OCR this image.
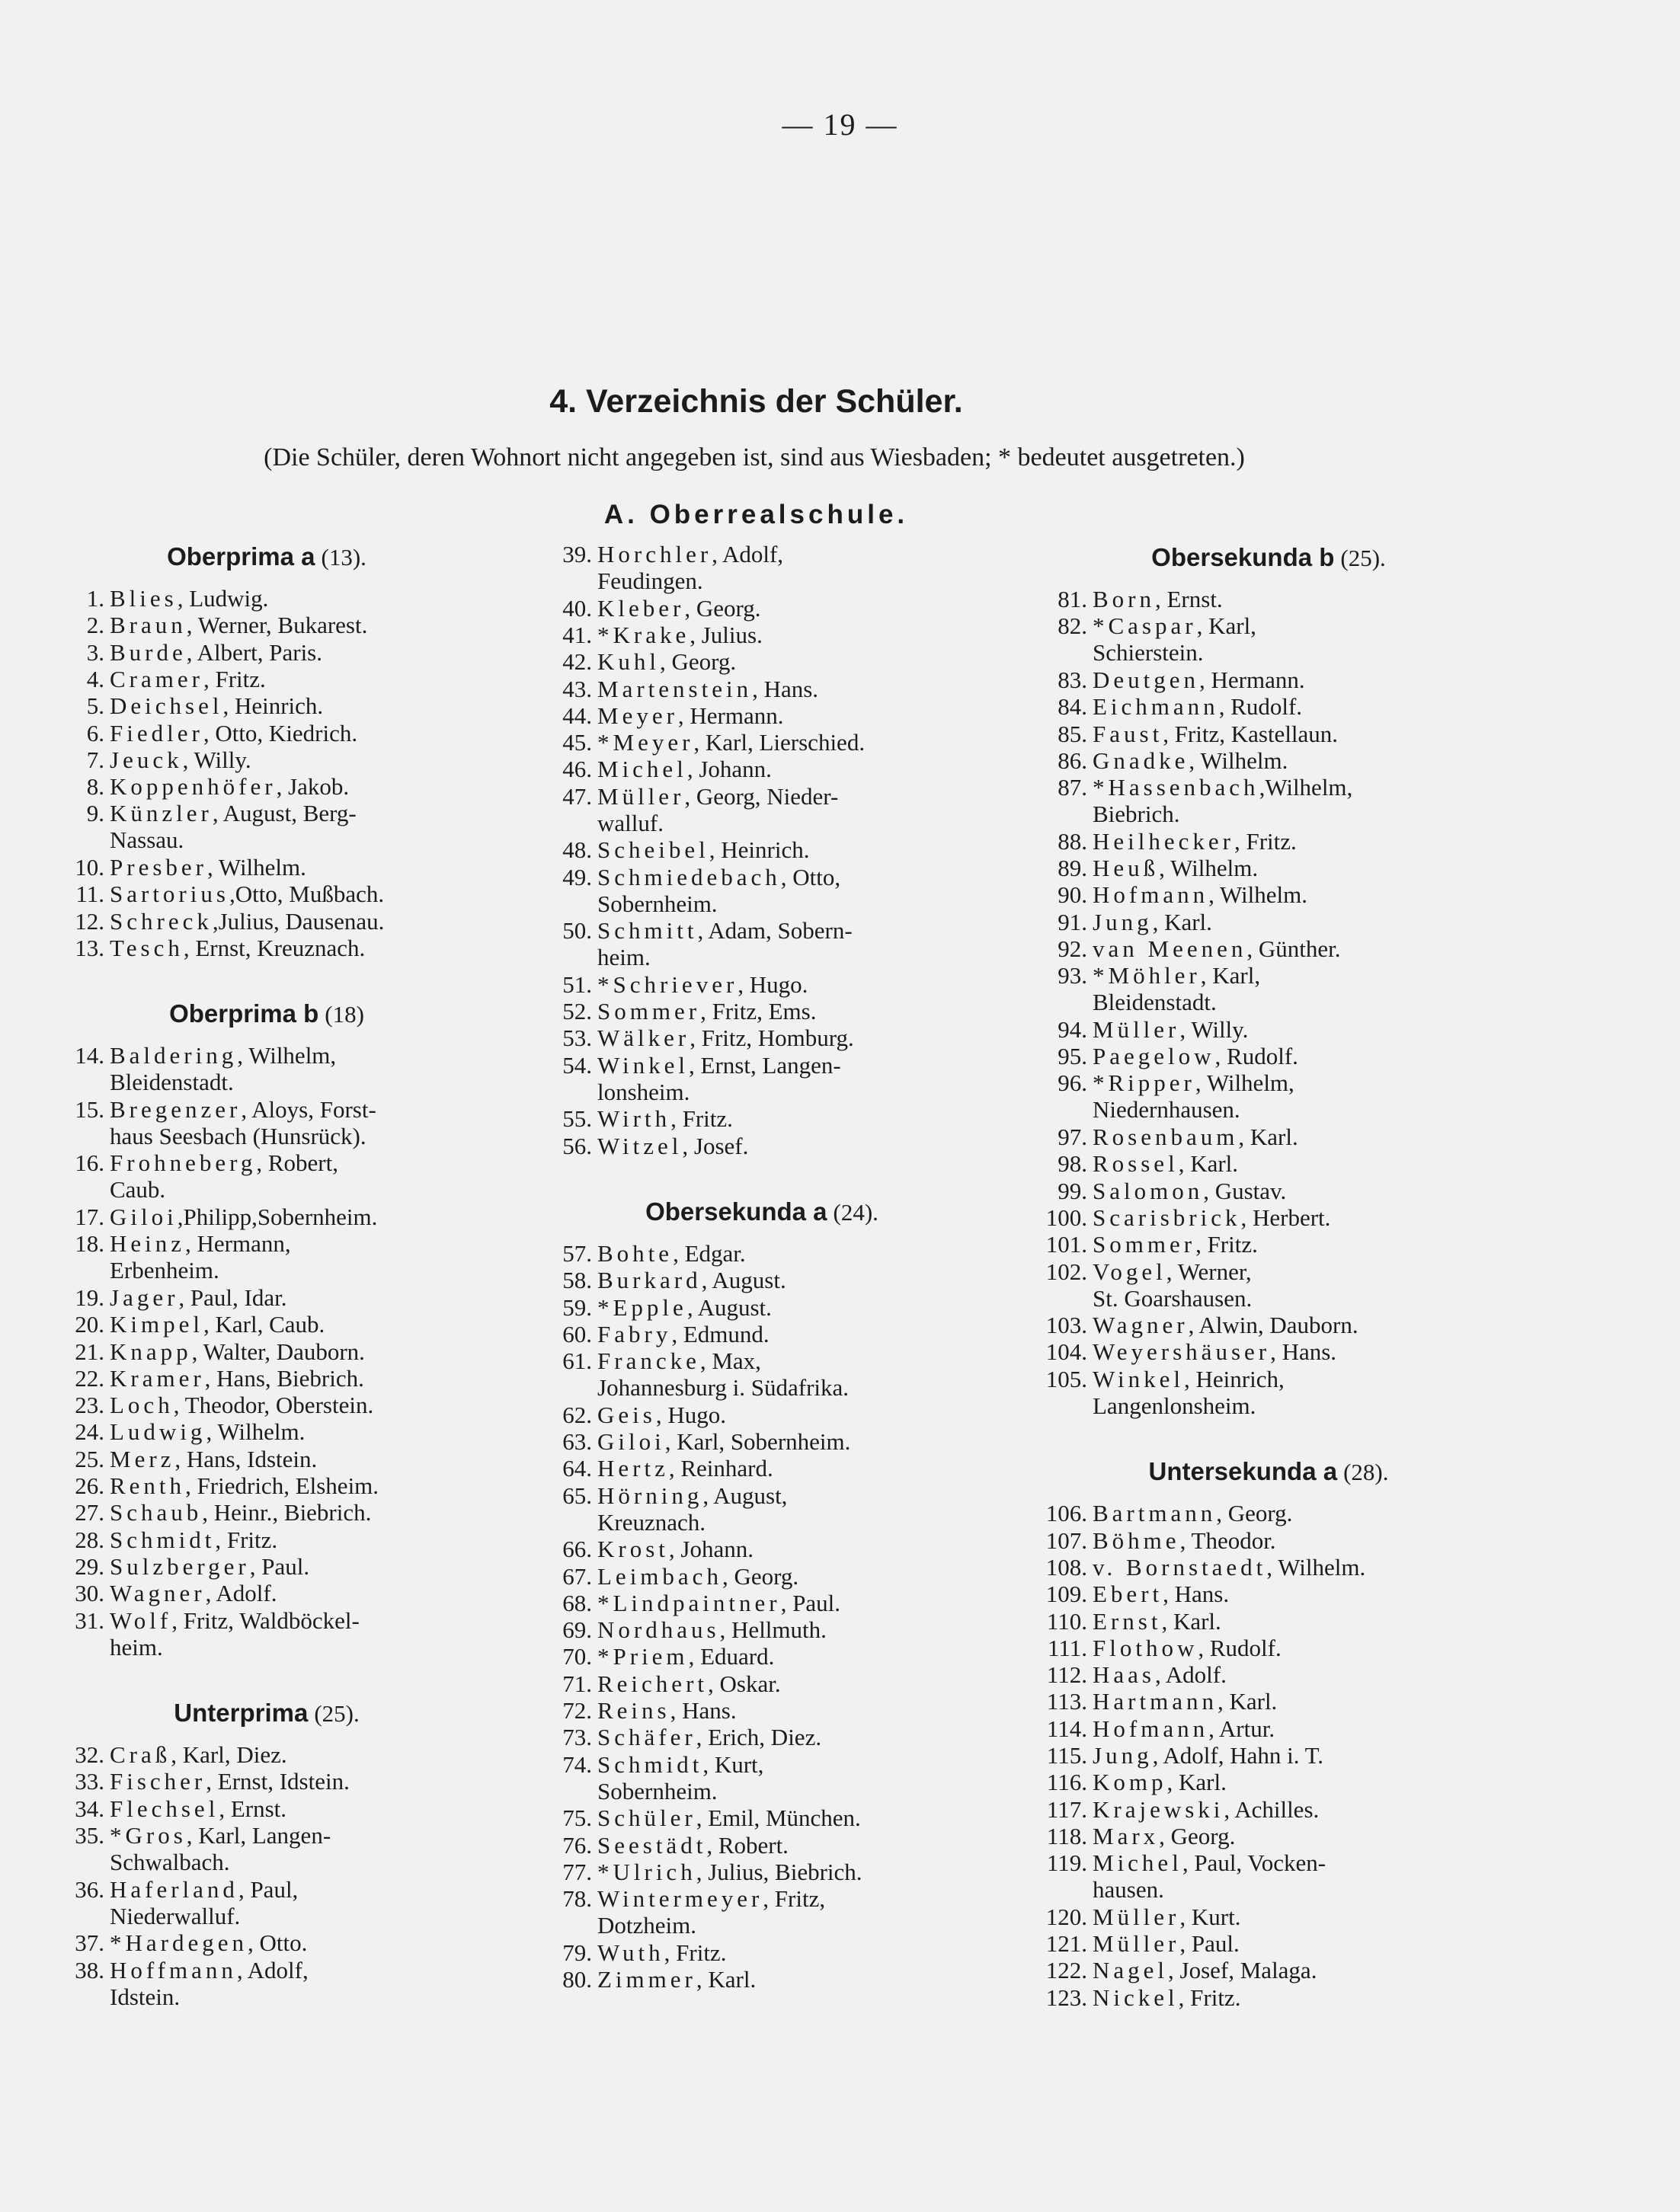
— 19 —
4. Verzeichnis der Schüler.
(Die Schüler, deren Wohnort nicht angegeben ist, sind aus Wiesbaden; * bedeutet ausgetreten.)
A. Oberrealschule.
Oberprima a (13).
1. Blies, Ludwig.
2. Braun, Werner, Bukarest.
3. Burde, Albert, Paris.
4. Cramer, Fritz.
5. Deichsel, Heinrich.
6. Fiedler, Otto, Kiedrich.
7. Jeuck, Willy.
8. Koppenhöfer, Jakob.
9. Künzler, August, Berg-
Nassau.
10. Presber, Wilhelm.
11. Sartorius,Otto, Mußbach.
12. Schreck,Julius, Dausenau.
13. Tesch, Ernst, Kreuznach.
Oberprima b (18)
14. Baldering, Wilhelm,
Bleidenstadt.
15. Bregenzer, Aloys, Forst-
haus Seesbach (Hunsrück).
16. Frohneberg, Robert,
Caub.
17. Giloi,Philipp,Sobernheim.
18. Heinz, Hermann,
Erbenheim.
19. Jager, Paul, Idar.
20. Kimpel, Karl, Caub.
21. Knapp, Walter, Dauborn.
22. Kramer, Hans, Biebrich.
23. Loch, Theodor, Oberstein.
24. Ludwig, Wilhelm.
25. Merz, Hans, Idstein.
26. Renth, Friedrich, Elsheim.
27. Schaub, Heinr., Biebrich.
28. Schmidt, Fritz.
29. Sulzberger, Paul.
30. Wagner, Adolf.
31. Wolf, Fritz, Waldböckel-
heim.
Unterprima (25).
32. Craß, Karl, Diez.
33. Fischer, Ernst, Idstein.
34. Flechsel, Ernst.
35. *Gros, Karl, Langen-
Schwalbach.
36. Haferland, Paul,
Niederwalluf.
37. *Hardegen, Otto.
38. Hoffmann, Adolf,
Idstein.
39. Horchler, Adolf,
Feudingen.
40. Kleber, Georg.
41. *Krake, Julius.
42. Kuhl, Georg.
43. Martenstein, Hans.
44. Meyer, Hermann.
45. *Meyer, Karl, Lierschied.
46. Michel, Johann.
47. Müller, Georg, Nieder-
walluf.
48. Scheibel, Heinrich.
49. Schmiedebach, Otto,
Sobernheim.
50. Schmitt, Adam, Sobern-
heim.
51. *Schriever, Hugo.
52. Sommer, Fritz, Ems.
53. Wälker, Fritz, Homburg.
54. Winkel, Ernst, Langen-
lonsheim.
55. Wirth, Fritz.
56. Witzel, Josef.
Obersekunda a (24).
57. Bohte, Edgar.
58. Burkard, August.
59. *Epple, August.
60. Fabry, Edmund.
61. Francke, Max,
Johannesburg i. Südafrika.
62. Geis, Hugo.
63. Giloi, Karl, Sobernheim.
64. Hertz, Reinhard.
65. Hörning, August,
Kreuznach.
66. Krost, Johann.
67. Leimbach, Georg.
68. *Lindpaintner, Paul.
69. Nordhaus, Hellmuth.
70. *Priem, Eduard.
71. Reichert, Oskar.
72. Reins, Hans.
73. Schäfer, Erich, Diez.
74. Schmidt, Kurt,
Sobernheim.
75. Schüler, Emil, München.
76. Seestädt, Robert.
77. *Ulrich, Julius, Biebrich.
78. Wintermeyer, Fritz,
Dotzheim.
79. Wuth, Fritz.
80. Zimmer, Karl.
Obersekunda b (25).
81. Born, Ernst.
82. *Caspar, Karl,
Schierstein.
83. Deutgen, Hermann.
84. Eichmann, Rudolf.
85. Faust, Fritz, Kastellaun.
86. Gnadke, Wilhelm.
87. *Hassenbach,Wilhelm,
Biebrich.
88. Heilhecker, Fritz.
89. Heuß, Wilhelm.
90. Hofmann, Wilhelm.
91. Jung, Karl.
92. van Meenen, Günther.
93. *Möhler, Karl,
Bleidenstadt.
94. Müller, Willy.
95. Paegelow, Rudolf.
96. *Ripper, Wilhelm,
Niedernhausen.
97. Rosenbaum, Karl.
98. Rossel, Karl.
99. Salomon, Gustav.
100. Scarisbrick, Herbert.
101. Sommer, Fritz.
102. Vogel, Werner,
St. Goarshausen.
103. Wagner, Alwin, Dauborn.
104. Weyershäuser, Hans.
105. Winkel, Heinrich,
Langenlonsheim.
Untersekunda a (28).
106. Bartmann, Georg.
107. Böhme, Theodor.
108. v. Bornstaedt, Wilhelm.
109. Ebert, Hans.
110. Ernst, Karl.
111. Flothow, Rudolf.
112. Haas, Adolf.
113. Hartmann, Karl.
114. Hofmann, Artur.
115. Jung, Adolf, Hahn i. T.
116. Komp, Karl.
117. Krajewski, Achilles.
118. Marx, Georg.
119. Michel, Paul, Vocken-
hausen.
120. Müller, Kurt.
121. Müller, Paul.
122. Nagel, Josef, Malaga.
123. Nickel, Fritz.
